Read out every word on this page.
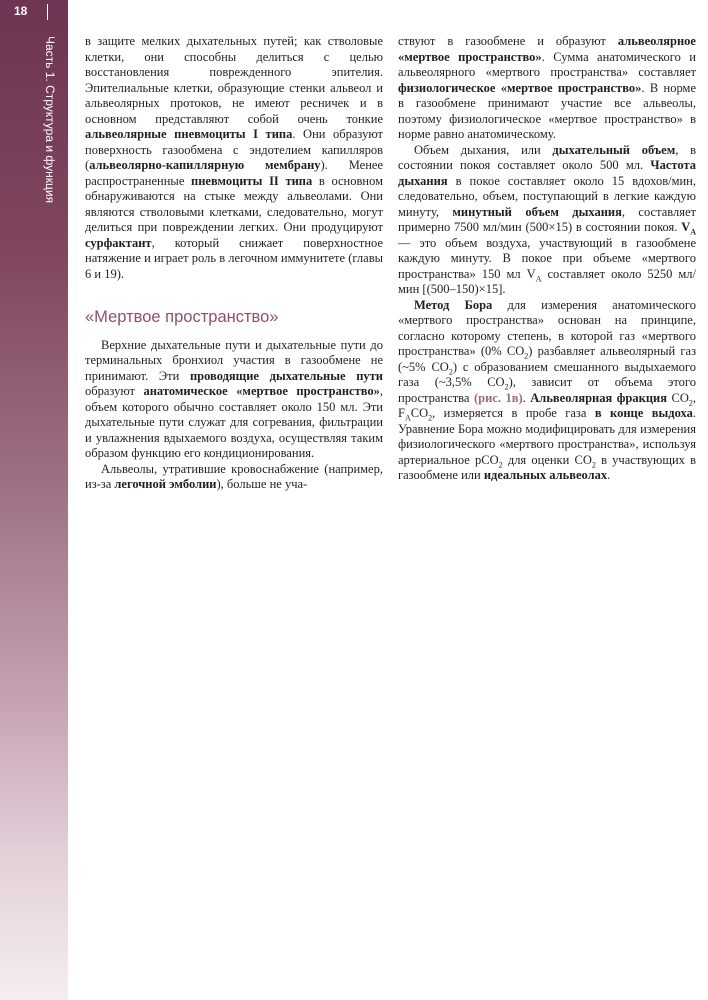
18
Часть 1. Структура и функция в защите мелких дыхательных путей; как стволовые клетки, они способны делиться с целью восстановления поврежденного эпителия. Эпителиальные клетки, образующие стенки альвеол и альвеолярных протоков, не имеют ресничек и в основном представляют собой очень тонкие альвеолярные пневмоциты I типа. Они образуют поверхность газообмена с эндотелием капилляров (альвеолярно-капиллярную мембрану). Менее распространенные пневмоциты II типа в основном обнаруживаются на стыке между альвеолами. Они являются стволовыми клетками, следовательно, могут делиться при повреждении легких. Они продуцируют сурфактант, который снижает поверхностное натяжение и играет роль в легочном иммунитете (главы 6 и 19).

«Мертвое пространство»

Верхние дыхательные пути и дыхательные пути до терминальных бронхиол участия в газообмене не принимают. Эти проводящие дыхательные пути образуют анатомическое «мертвое пространство», объем которого обычно составляет около 150 мл. Эти дыхательные пути служат для согревания, фильтрации и увлажнения вдыхаемого воздуха, осуществляя таким образом функцию его кондиционирования.

Альвеолы, утратившие кровоснабжение (например, из-за легочной эмболии), больше не уча-

ствуют в газообмене и образуют альвеолярное «мертвое пространство». Сумма анатомического и альвеолярного «мертвого пространства» составляет физиологическое «мертвое пространство». В норме в газообмене принимают участие все альвеолы, поэтому физиологическое «мертвое пространство» в норме равно анатомическому.

Объем дыхания, или дыхательный объем, в состоянии покоя составляет около 500 мл. Частота дыхания в покое составляет около 15 вдохов/мин, следовательно, объем, поступающий в легкие каждую минуту, минутный объем дыхания, составляет примерно 7500 мл/мин (500×15) в состоянии покоя. $V_A$ — это объем воздуха, участвующий в газообмене каждую минуту. В покое при объеме «мертвого пространства» 150 мл $V_A$ составляет около 5250 мл/мин [(500–150)×15].

Метод Бора для измерения анатомического «мертвого пространства» основан на принципе, согласно которому степень, в которой газ «мертвого пространства» (0% $CO_2$) разбавляет альвеолярный газ (~5% $CO_2$) с образованием смешанного выдыхаемого газа (~3,5% $CO_2$), зависит от объема этого пространства (рис. 1в). Альвеолярная фракция $CO_2$, $F_ACO_2$, измеряется в пробе газа в конце выдоха. Уравнение Бора можно модифицировать для измерения физиологического «мертвого пространства», используя артериальное pCO$_2$ для оценки $CO_2$ в участвующих в газообмене или идеальных альвеолах.
